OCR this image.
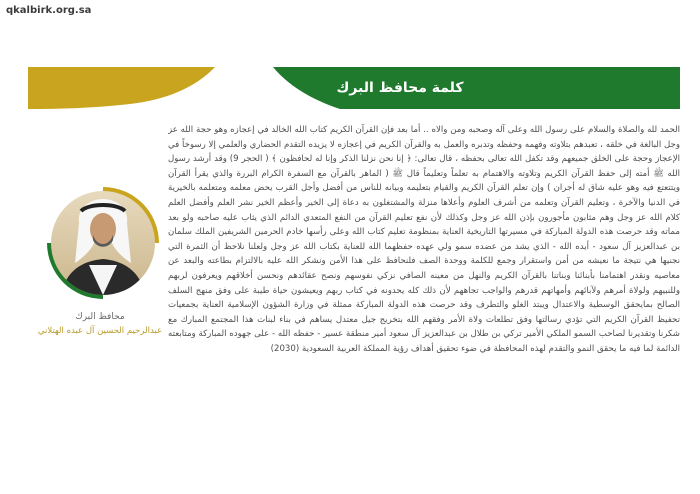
qkalbirk.org.sa
كلمة محافظ البرك

الحمد لله والصلاة والسلام على رسول الله وعلى آله وصحبه ومن والاه .. أما بعد فإن القرآن الكريم كتاب الله الخالد في إعجازه وهو حجة الله عز وجل البالغة في خلقه ، تعبدهم بتلاوته وفهمه وحفظه وتدبره والعمل به والقرآن الكريم في إعجازه لا يزيده التقدم الحضاري والعلمي إلا رسوخاً في الإعجاز وحجة على الخلق جميعهم وقد تكفل الله تعالى بحفظه ، قال تعالى: ﴿ إنا نحن نزلنا الذكر وإنا له لحافظون ﴾ ( الحجر 9) وقد أرشد رسول الله ﷺ أمته إلى حفظ القرآن الكريم وتلاوته والاهتمام به تعلماً وتعليماً قال ﷺ ( الماهر بالقرآن مع السفرة الكرام البررة والذي يقرأ القرآن ويتتعتع فيه وهو عليه شاق له أجران ) وإن تعلم القرآن الكريم والقيام بتعليمه وبيانه للناس من أفضل وأجل القرب يحض معلمه ومتعلمه بالخيرية في الدنيا والآخرة ، وتعليم القرآن وتعلمه من أشرف العلوم وأعلاها منزلة والمشتغلون به دعاة إلى الخير وأعظم الخير نشر العلم وأفضل العلم كلام الله عز وجل وهم مثابون مأجورون بإذن الله عز وجل وكذلك لأن نفع تعليم القرآن من النفع المتعدي الدائم الذي يثاب عليه صاحبه ولو بعد مماته وقد حرصت هذه الدولة المباركة في مسيرتها التاريخية العناية بمنظومة تعليم كتاب الله وعلى رأسها خادم الحرمين الشريفين الملك سلمان بن عبدالعزيز آل سعود - أيده الله - الذي يشد من عضده سمو ولي عهده حفظهما الله للعناية بكتاب الله عز وجل ولعلنا نلاحظ أن الثمرة التي نجنيها هي نتيجة ما نعيشه من أمن واستقرار وجمع للكلمة ووحدة الصف فلنحافظ على هذا الأمن ونشكر الله عليه بالالتزام بطاعته والبعد عن معاصيه ونقدر اهتمامنا بأبنائنا وبناتنا بالقرآن الكريم والنهل من معينه الصافي نزكي نفوسهم ونصح عقائدهم ونحسن أخلاقهم ويعرفون لربهم وللنبيهم ولولاة أمرهم ولآبائهم وأمهاتهم قدرهم والواجب تجاههم لأن ذلك كله يحدونه في كتاب ربهم ويعيشون حياة طيبة على وفق منهج السلف الصالح بمايحقق الوسطية والاعتدال ويبتد الغلو والتطرف وقد حرصت هذه الدولة المباركة ممثلة في وزارة الشؤون الإسلامية العناية بجمعيات تحفيظ القرآن الكريم التي تؤدي رسالتها وفق تطلعات ولاة الأمر وفقهم الله بتخريج جيل معتدل يساهم في بناء لبنات هذا المجتمع المبارك مع شكرنا وتقديرنا لصاحب السمو الملكي الأمير تركي بن طلال بن عبدالعزيز آل سعود أمير منطقة عسير - حفظه الله - على جهوده المباركة ومتابعته الدائمة لما فيه ما يحقق النمو والتقدم لهذه المحافظة في ضوء تحقيق أهداف رؤية المملكة العربية السعودية (2030)

محافظ البرك
عبدالرحيم الحسين آل عبده الهتلاني
